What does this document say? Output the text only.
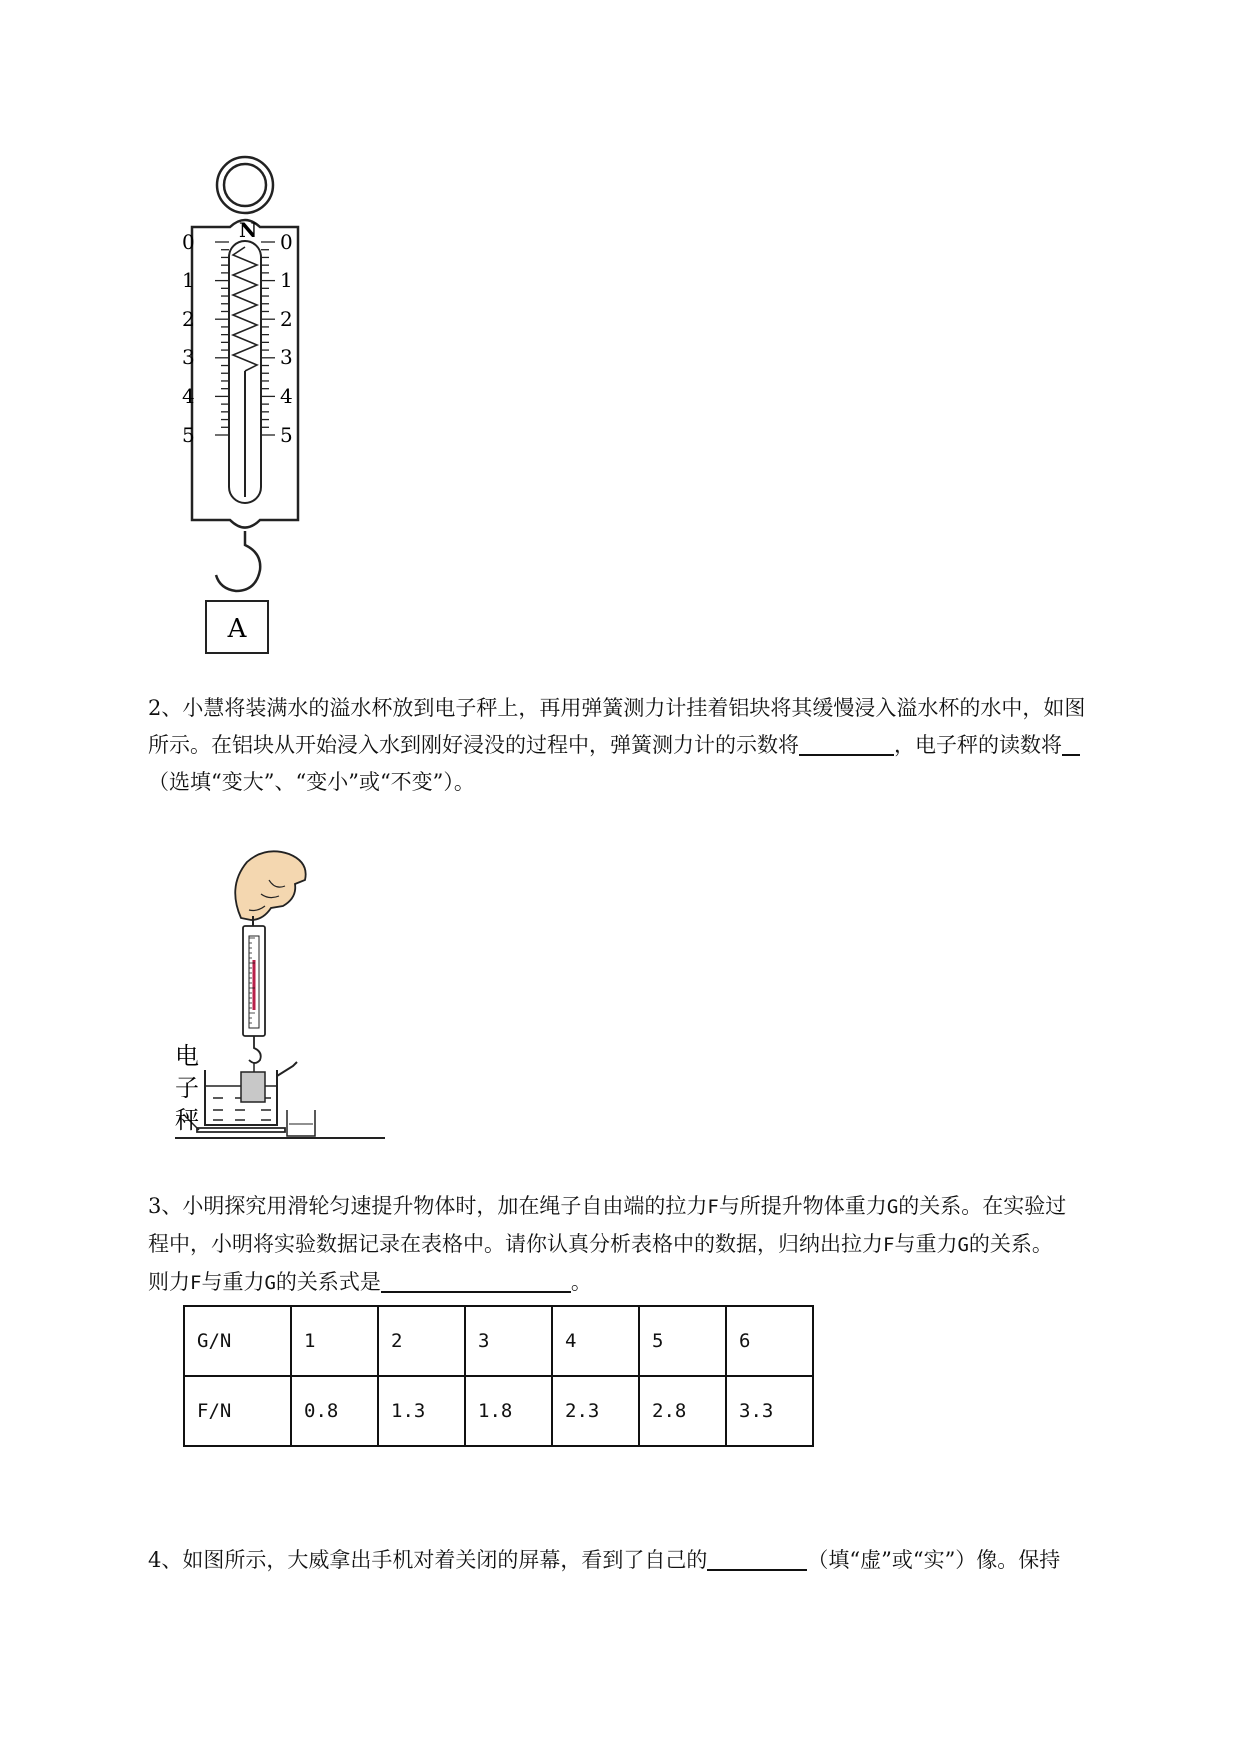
N
0
1
2
3
4
5
0
1
2
3
4
5
A

2、小慧将装满水的溢水杯放到电子秤上，再用弹簧测力计挂着铝块将其缓慢浸入溢水杯的水中，如图

所示。在铝块从开始浸入水到刚好浸没的过程中，弹簧测力计的示数将	，电子秤的读数将

（选填“变大”、“变小”或“不变”）。

电
子
秤

3、小明探究用滑轮匀速提升物体时，加在绳子自由端的拉力F与所提升物体重力G的关系。在实验过

程中，小明将实验数据记录在表格中。请你认真分析表格中的数据，归纳出拉力F与重力G的关系。

则力F与重力G的关系式是	。

G/N	1	2	3	4	5	6
F/N	0.8	1.3	1.8	2.3	2.8	3.3

4、如图所示，大威拿出手机对着关闭的屏幕，看到了自己的	（填“虚”或“实”）像。保持
